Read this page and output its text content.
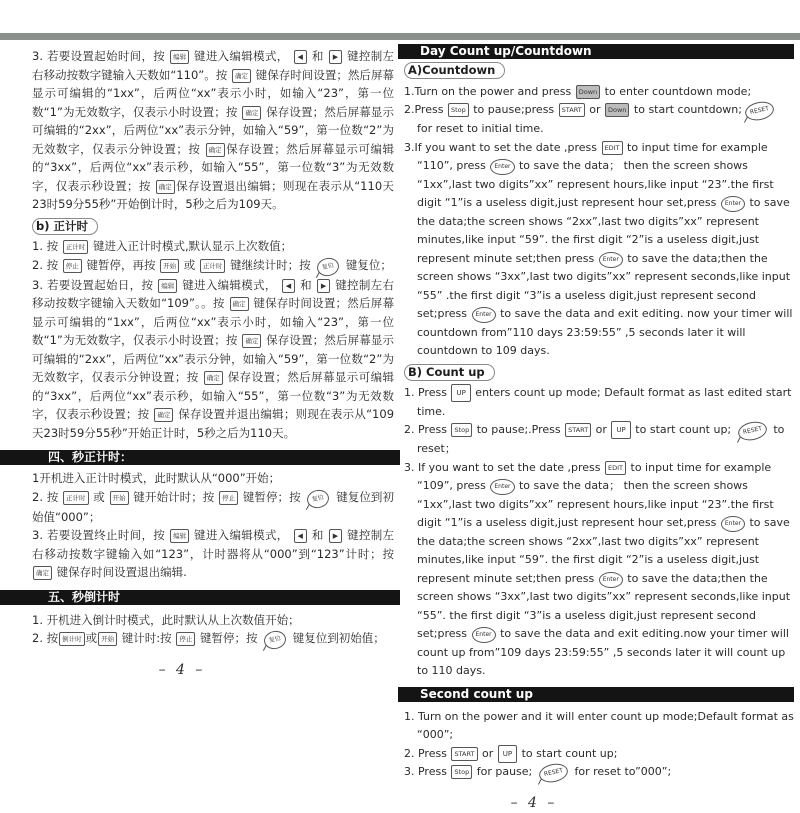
3. 若要设置起始时间，按 编辑 键进入编辑模式， ◀ 和 ▶ 键控制左右移动按数字键输入天数如“110”。按 确定 键保存时间设置；然后屏幕显示可编辑的“1xx”，后两位“xx”表示小时，如输入“23”，第一位数“1”为无效数字，仅表示小时设置；按 确定 保存设置；然后屏幕显示可编辑的“2xx”，后两位“xx”表示分钟，如输入“59”，第一位数“2”为无效数字，仅表示分钟设置；按 确定 保存设置；然后屏幕显示可编辑的“3xx”，后两位“xx”表示秒，如输入“55”，第一位数“3”为无效数字，仅表示秒设置；按 确定 保存设置退出编辑；则现在表示从“110天23时59分55秒”开始倒计时，5秒之后为109天。
b) 正计时
1. 按 正计时 键进入正计时模式,默认显示上次数值；
2. 按 停止 键暂停，再按 开始 或 正计时 键继续计时；按 复位 键复位；
3. 若要设置起始日，按 编辑 键进入编辑模式， ◀ 和 ▶ 键控制左右移动按数字键输入天数如“109”。。按 确定 键保存时间设置；然后屏幕显示可编辑的“1xx”，后两位“xx”表示小时，如输入“23”，第一位数“1”为无效数字，仅表示小时设置；按 确定 保存设置；然后屏幕显示可编辑的“2xx”，后两位“xx”表示分钟，如输入“59”，第一位数“2”为无效数字，仅表示分钟设置；按 确定 保存设置；然后屏幕显示可编辑的“3xx”，后两位“xx”表示秒，如输入“55”，第一位数“3”为无效数字，仅表示秒设置；按 确定 保存设置并退出编辑；则现在表示从“109天23时59分55秒”开始正计时，5秒之后为110天。
四、秒正计时：
1开机进入正计时模式，此时默认从“000”开始；
2. 按 正计时 或 开始 键开始计时；按 停止 键暂停；按 复位 键复位到初始值“000”；
3. 若要设置终止时间，按 编辑 键进入编辑模式， ◀ 和 ▶ 键控制左右移动按数字键输入如“123”，计时器将从“000”到“123”计时；按 确定 键保存时间设置退出编辑.
五、秒倒计时
1. 开机进入倒计时模式，此时默认从上次数值开始；
2. 按 倒计时 或 开始 键计时:按 停止 键暂停；按 复位 键复位到初始值；
– 4 –
Day Count up/Countdown
A)Countdown
1.Turn on the power and press Down to enter countdown mode;
2.Press Stop to pause;press START or Down to start countdown; RESET for reset to initial time.
3.If you want to set the date ,press EDIT to input time for example “110”, press Enter to save the data； then the screen shows “1xx”,last two digits”xx” represent hours,like input “23”.the first digit “1”is a useless digit,just represent hour set,press Enter to save the data;the screen shows “2xx”,last two digits”xx” represent minutes,like input “59”. the first digit “2”is a useless digit,just represent minute set;then press Enter to save the data;then the screen shows “3xx”,last two digits”xx” represent seconds,like input “55” .the first digit “3”is a useless digit,just represent second set;press Enter to save the data and exit editing. now your timer will countdown from”110 days 23:59:55” ,5 seconds later it will countdown to 109 days.
B) Count up
1. Press UP enters count up mode; Default format as last edited start time.
2. Press Stop to pause;.Press START or UP to start count up; RESET to reset；
3. If you want to set the date ,press EDIT to input time for example “109”, press Enter to save the data； then the screen shows “1xx”,last two digits”xx” represent hours,like input “23”.the first digit “1”is a useless digit,just represent hour set,press Enter to save the data;the screen shows “2xx”,last two digits”xx” represent minutes,like input “59”. the first digit “2”is a useless digit,just represent minute set;then press Enter to save the data;then the screen shows “3xx”,last two digits”xx” represent seconds,like input “55”. the first digit “3”is a useless digit,just represent second set;press Enter to save the data and exit editing.now your timer will count up from”109 days 23:59:55” ,5 seconds later it will count up to 110 days.
Second count up
1. Turn on the power and it will enter count up mode;Default format as “000”;
2. Press START or UP to start count up;
3. Press Stop for pause; RESET for reset to”000”;
– 4 –
